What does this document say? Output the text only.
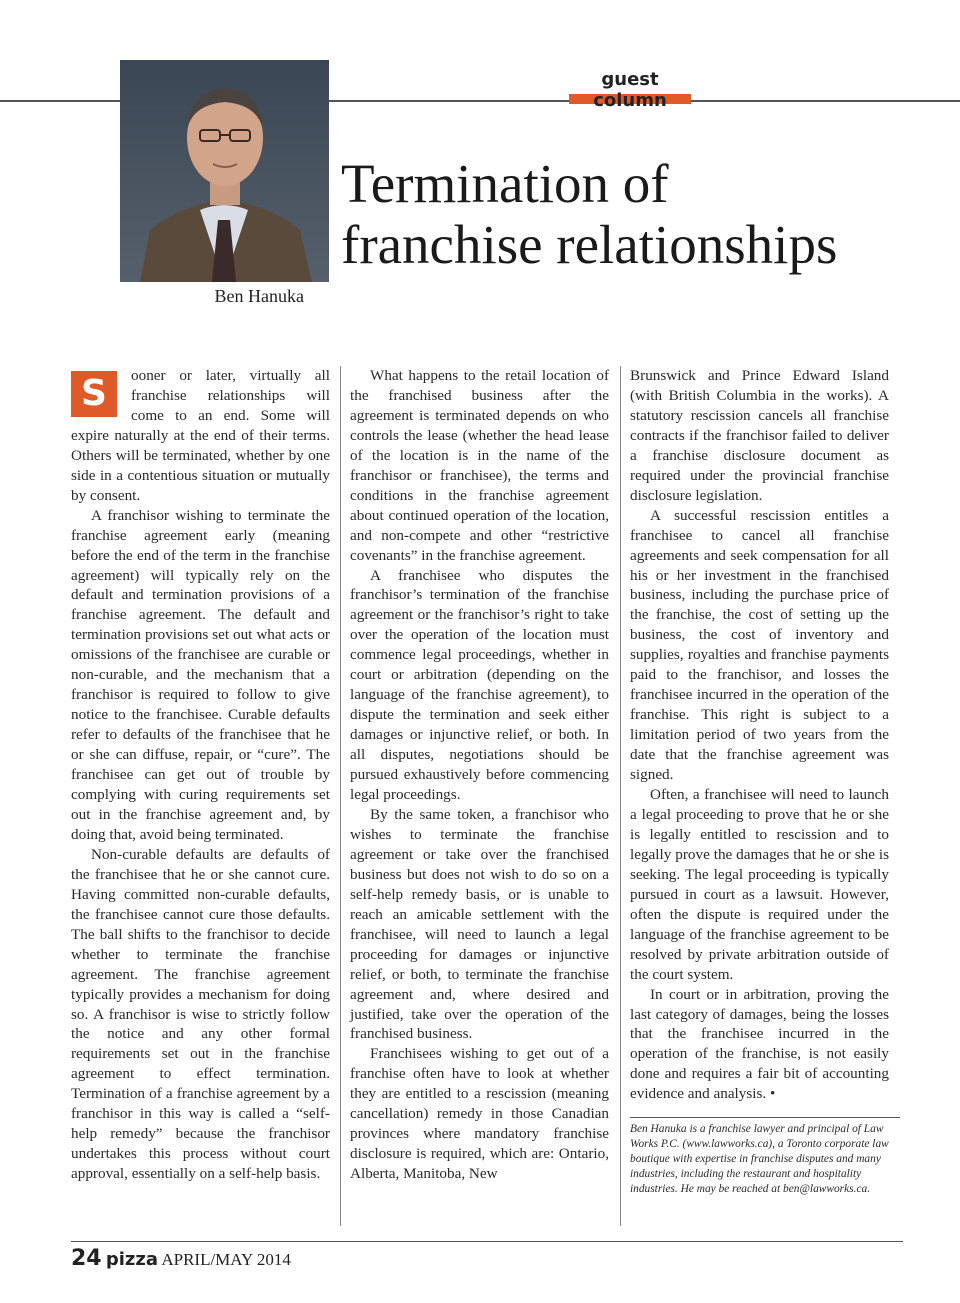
guest column
Ben Hanuka
Termination of
franchise relationships
S	ooner or later, virtually all franchise relationships will come to an end. Some will expire naturally at the end of their terms. Others will be terminated, whether by one side in a contentious situation or mutually by consent.

A franchisor wishing to terminate the franchise agreement early (meaning before the end of the term in the franchise agreement) will typically rely on the default and termination provisions of a franchise agreement. The default and termination provisions set out what acts or omissions of the franchisee are curable or non-curable, and the mechanism that a franchisor is required to follow to give notice to the franchisee. Curable defaults refer to defaults of the franchisee that he or she can diffuse, repair, or “cure”. The franchisee can get out of trouble by complying with curing requirements set out in the franchise agreement and, by doing that, avoid being terminated.

Non-curable defaults are defaults of the franchisee that he or she cannot cure. Having committed non-curable defaults, the franchisee cannot cure those defaults. The ball shifts to the franchisor to decide whether to terminate the franchise agreement. The franchise agreement typically provides a mechanism for doing so. A franchisor is wise to strictly follow the notice and any other formal requirements set out in the franchise agreement to effect termination. Termination of a franchise agreement by a franchisor in this way is called a “self-help remedy” because the franchisor undertakes this process without court approval, essentially on a self-help basis.

What happens to the retail location of the franchised business after the agreement is terminated depends on who controls the lease (whether the head lease of the location is in the name of the franchisor or franchisee), the terms and conditions in the franchise agreement about continued operation of the location, and non-compete and other “restrictive covenants” in the franchise agreement.

A franchisee who disputes the franchisor’s termination of the franchise agreement or the franchisor’s right to take over the operation of the location must commence legal proceedings, whether in court or arbitration (depending on the language of the franchise agreement), to dispute the termination and seek either damages or injunctive relief, or both. In all disputes, negotiations should be pursued exhaustively before commencing legal proceedings.

By the same token, a franchisor who wishes to terminate the franchise agreement or take over the franchised business but does not wish to do so on a self-help remedy basis, or is unable to reach an amicable settlement with the franchisee, will need to launch a legal proceeding for damages or injunctive relief, or both, to terminate the franchise agreement and, where desired and justified, take over the operation of the franchised business.

Franchisees wishing to get out of a franchise often have to look at whether they are entitled to a rescission (meaning cancellation) remedy in those Canadian provinces where mandatory franchise disclosure is required, which are: Ontario, Alberta, Manitoba, New

Brunswick and Prince Edward Island (with British Columbia in the works). A statutory rescission cancels all franchise contracts if the franchisor failed to deliver a franchise disclosure document as required under the provincial franchise disclosure legislation.

A successful rescission entitles a franchisee to cancel all franchise agreements and seek compensation for all his or her investment in the franchised business, including the purchase price of the franchise, the cost of setting up the business, the cost of inventory and supplies, royalties and franchise payments paid to the franchisor, and losses the franchisee incurred in the operation of the franchise. This right is subject to a limitation period of two years from the date that the franchise agreement was signed.

Often, a franchisee will need to launch a legal proceeding to prove that he or she is legally entitled to rescission and to legally prove the damages that he or she is seeking. The legal proceeding is typically pursued in court as a lawsuit. However, often the dispute is required under the language of the franchise agreement to be resolved by private arbitration outside of the court system.

In court or in arbitration, proving the last category of damages, being the losses that the franchisee incurred in the operation of the franchise, is not easily done and requires a fair bit of accounting evidence and analysis. •

Ben Hanuka is a franchise lawyer and principal of Law Works P.C. (www.lawworks.ca), a Toronto corporate law boutique with expertise in franchise disputes and many industries, including the restaurant and hospitality industries. He may be reached at ben@lawworks.ca.
24 pizza APRIL/MAY 2014
